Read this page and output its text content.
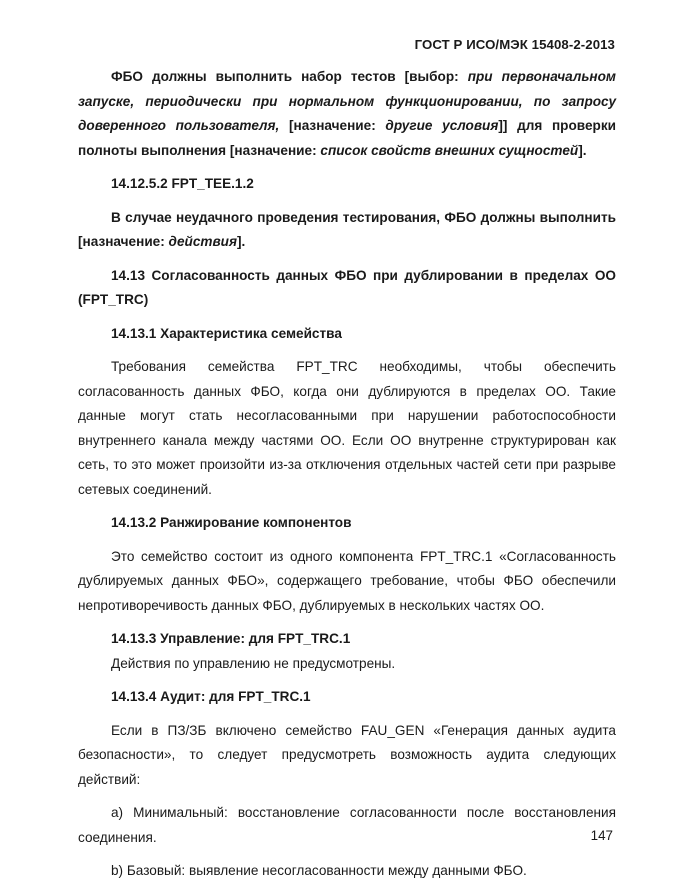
ГОСТ Р ИСО/МЭК 15408-2-2013

ФБО должны выполнить набор тестов [выбор: при первоначальном запуске, периодически при нормальном функционировании, по запросу доверенного пользователя, [назначение: другие условия]] для проверки полноты выполнения [назначение: список свойств внешних сущностей].

14.12.5.2 FPT_TEE.1.2

В случае неудачного проведения тестирования, ФБО должны выполнить [назначение: действия].

14.13 Согласованность данных ФБО при дублировании в пределах ОО (FPT_TRC)

14.13.1 Характеристика семейства

Требования семейства FPT_TRC необходимы, чтобы обеспечить согласованность данных ФБО, когда они дублируются в пределах ОО. Такие данные могут стать несогласованными при нарушении работоспособности внутреннего канала между частями ОО. Если ОО внутренне структурирован как сеть, то это может произойти из-за отключения отдельных частей сети при разрыве сетевых соединений.

14.13.2 Ранжирование компонентов

Это семейство состоит из одного компонента FPT_TRC.1 «Согласованность дублируемых данных ФБО», содержащего требование, чтобы ФБО обеспечили непротиворечивость данных ФБО, дублируемых в нескольких частях ОО.

14.13.3 Управление: для FPT_TRC.1

Действия по управлению не предусмотрены.

14.13.4 Аудит: для FPT_TRC.1

Если в ПЗ/ЗБ включено семейство FAU_GEN «Генерация данных аудита безопасности», то следует предусмотреть возможность аудита следующих действий:

а) Минимальный: восстановление согласованности после восстановления соединения.

b) Базовый: выявление несогласованности между данными ФБО.

147
